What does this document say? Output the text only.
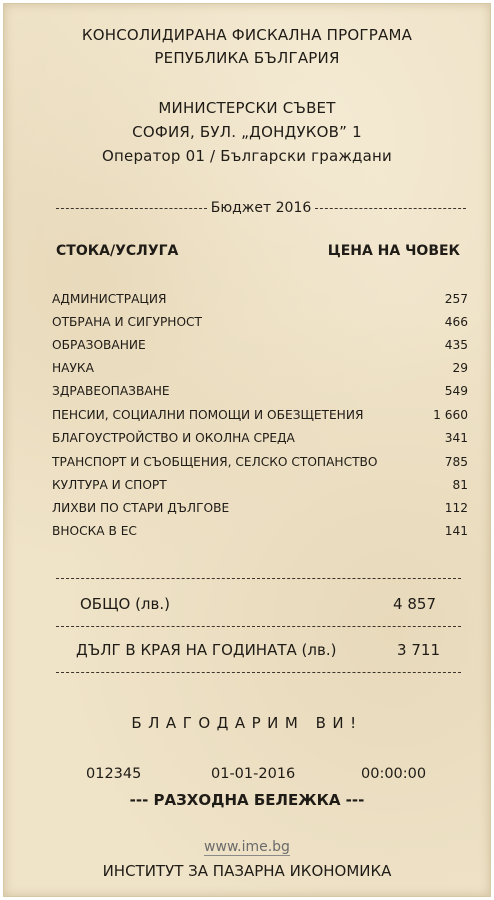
КОНСОЛИДИРАНА ФИСКАЛНА ПРОГРАМА
РЕПУБЛИКА БЪЛГАРИЯ
МИНИСТЕРСКИ СЪВЕТ
СОФИЯ, БУЛ. „ДОНДУКОВ” 1
Оператор 01 / Български граждани
Бюджет 2016
СТОКА/УСЛУГА	ЦЕНА НА ЧОВЕК
АДМИНИСТРАЦИЯ	257
ОТБРАНА И СИГУРНОСТ	466
ОБРАЗОВАНИЕ	435
НАУКА	29
ЗДРАВЕОПАЗВАНЕ	549
ПЕНСИИ, СОЦИАЛНИ ПОМОЩИ И ОБЕЗЩЕТЕНИЯ	1 660
БЛАГОУСТРОЙСТВО И ОКОЛНА СРЕДА	341
ТРАНСПОРТ И СЪОБЩЕНИЯ, СЕЛСКО СТОПАНСТВО	785
КУЛТУРА И СПОРТ	81
ЛИХВИ ПО СТАРИ ДЪЛГОВЕ	112
ВНОСКА В ЕС	141
ОБЩО (лв.)	4 857
ДЪЛГ В КРАЯ НА ГОДИНАТА (лв.)	3 711
БЛАГОДАРИМ ВИ!
012345	01-01-2016	00:00:00
--- РАЗХОДНА БЕЛЕЖКА ---
www.ime.bg
ИНСТИТУТ ЗА ПАЗАРНА ИКОНОМИКА
